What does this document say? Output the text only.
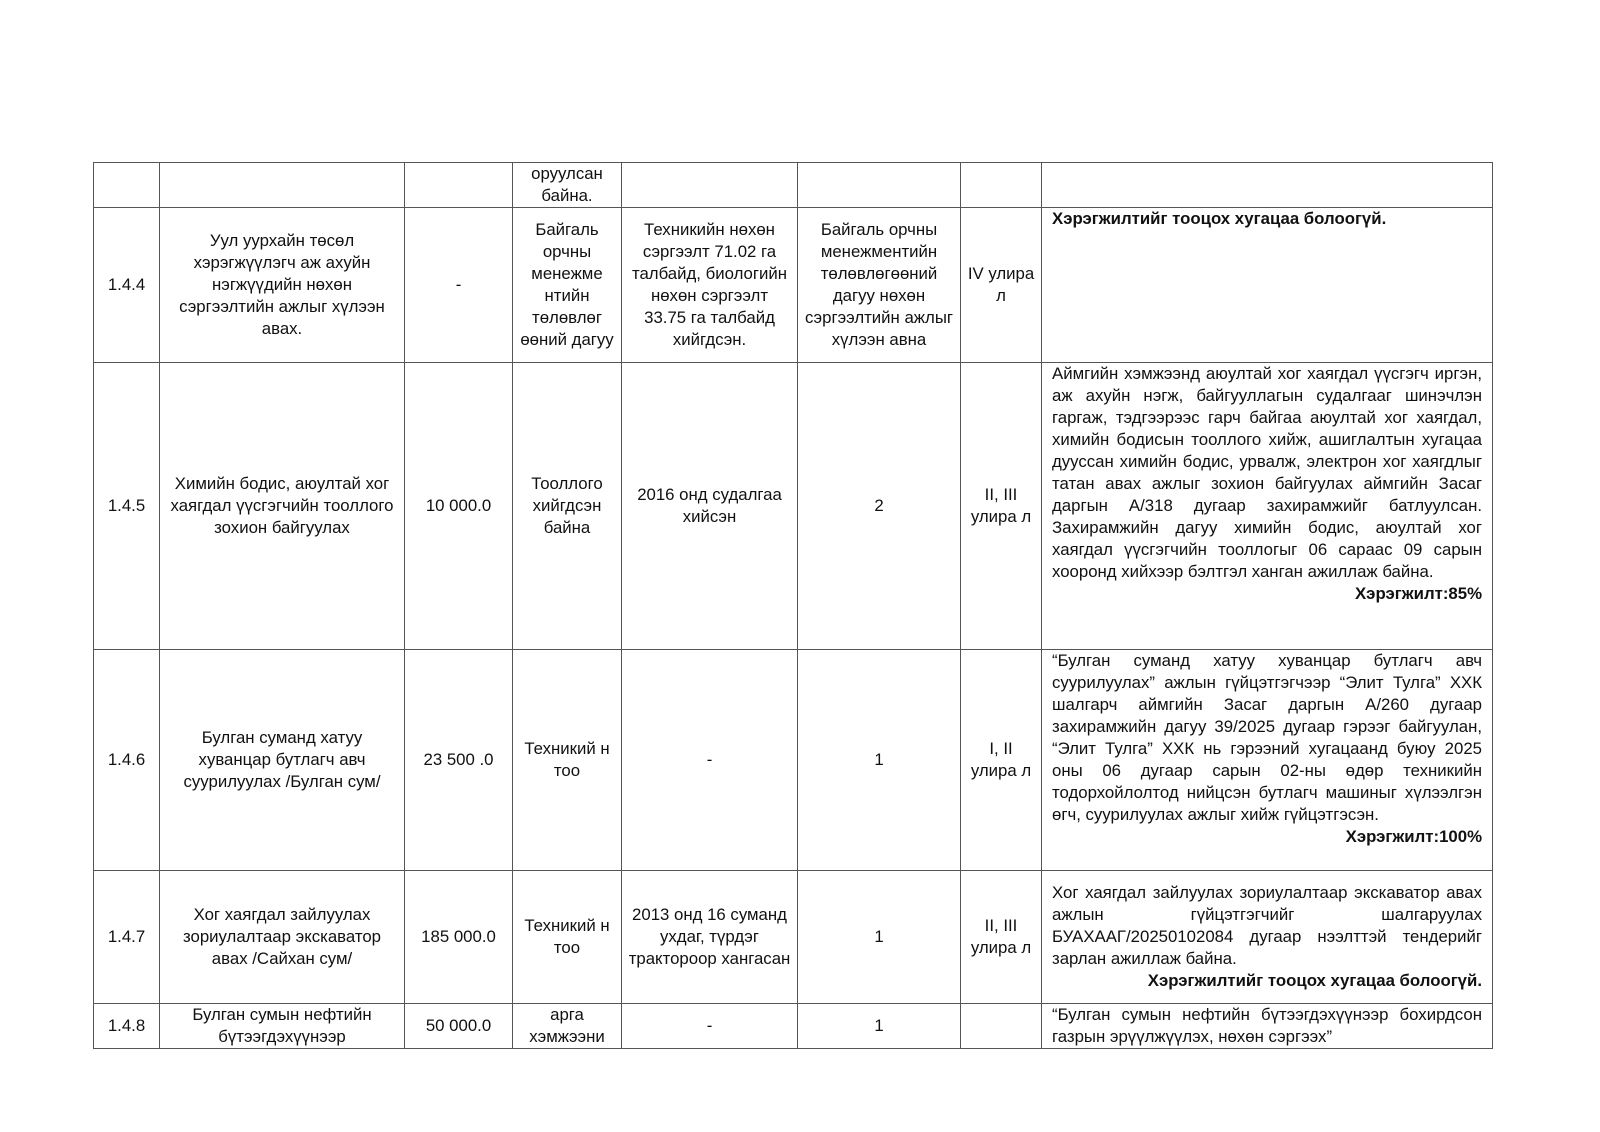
			оруулсан байна.				

1.4.4	Уул уурхайн төсөл хэрэгжүүлэгч аж ахуйн нэгжүүдийн нөхөн сэргээлтийн ажлыг хүлээн авах.	-	Байгаль орчны менежме нтийн төлөвлөг өөний дагуу	Техникийн нөхөн сэргээлт 71.02 га талбайд, биологийн нөхөн сэргээлт 33.75 га талбайд хийгдсэн.	Байгаль орчны менежментийн төлөвлөгөөний дагуу нөхөн сэргээлтийн ажлыг хүлээн авна	IV улира л	Хэрэгжилтийг тооцох хугацаа болоогүй.
1.4.5	Химийн бодис, аюултай хог хаягдал үүсгэгчийн тооллого зохион байгуулах	10 000.0	Тооллого хийгдсэн байна	2016 онд судалгаа хийсэн	2	II, III улира л	Аймгийн хэмжээнд аюултай хог хаягдал үүсгэгч иргэн, аж ахуйн нэгж, байгууллагын судалгааг шинэчлэн гаргаж, тэдгээрээс гарч байгаа аюултай хог хаягдал, химийн бодисын тооллого хийж, ашиглалтын хугацаа дууссан химийн бодис, урвалж, электрон хог хаягдлыг татан авах ажлыг зохион байгуулах аймгийн Засаг даргын А/318 дугаар захирамжийг батлуулсан. Захирамжийн дагуу химийн бодис, аюултай хог хаягдал үүсгэгчийн тооллогыг 06 сараас 09 сарын хооронд хийхээр бэлтгэл ханган ажиллаж байна.
Хэрэгжилт:85%

1.4.6	Булган суманд хатуу хуванцар бутлагч авч суурилуулах /Булган сум/	23 500 .0	Техникий н тоо	-	1	I, II улира л	“Булган суманд хатуу хуванцар бутлагч авч суурилуулах” ажлын гүйцэтгэгчээр “Элит Тулга” ХХК шалгарч аймгийн Засаг даргын А/260 дугаар захирамжийн дагуу 39/2025 дугаар гэрээг байгуулан, “Элит Тулга” ХХК нь гэрээний хугацаанд буюу 2025 оны 06 дугаар сарын 02-ны өдөр техникийн тодорхойлолтод нийцсэн бутлагч машиныг хүлээлгэн өгч, суурилуулах ажлыг хийж гүйцэтгэсэн.
Хэрэгжилт:100%

1.4.7	Хог хаягдал зайлуулах зориулалтаар экскаватор авах /Сайхан сум/	185 000.0	Техникий н тоо	2013 онд 16 суманд ухдаг, түрдэг трактороор хангасан	1	II, III улира л	Хог хаягдал зайлуулах зориулалтаар экскаватор авах ажлын гүйцэтгэгчийг шалгаруулах БУАХААГ/20250102084 дугаар нээлттэй тендерийг зарлан ажиллаж байна.
Хэрэгжилтийг тооцох хугацаа болоогүй.

1.4.8	Булган сумын нефтийн бүтээгдэхүүнээр	50 000.0	арга хэмжээни	-	1		“Булган сумын нефтийн бүтээгдэхүүнээр бохирдсон газрын эрүүлжүүлэх, нөхөн сэргээх”
